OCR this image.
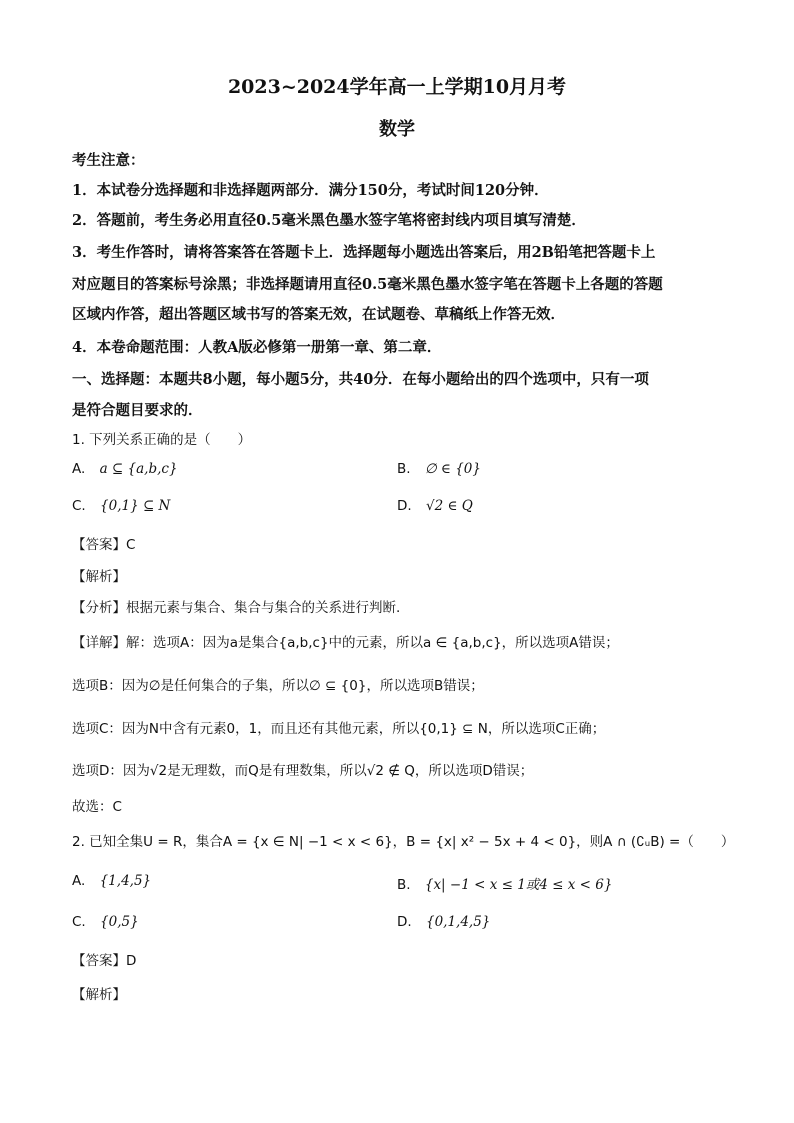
2023~2024学年高一上学期10月月考
数学
考生注意：
1．本试卷分选择题和非选择题两部分．满分150分，考试时间120分钟．
2．答题前，考生务必用直径0.5毫米黑色墨水签字笔将密封线内项目填写清楚．
3．考生作答时，请将答案答在答题卡上．选择题每小题选出答案后，用2B铅笔把答题卡上
对应题目的答案标号涂黑；非选择题请用直径0.5毫米黑色墨水签字笔在答题卡上各题的答题
区域内作答，超出答题区域书写的答案无效，在试题卷、草稿纸上作答无效．
4．本卷命题范围：人教A版必修第一册第一章、第二章．
一、选择题：本题共8小题，每小题5分，共40分．在每小题给出的四个选项中，只有一项
是符合题目要求的．
1. 下列关系正确的是（　　）
A. a ⊆ {a,b,c}	B. ∅ ∈ {0}
C. {0,1} ⊆ N	D. √2 ∈ Q
【答案】C
【解析】
【分析】根据元素与集合、集合与集合的关系进行判断.
【详解】解：选项A：因为a是集合{a,b,c}中的元素，所以a ∈ {a,b,c}，所以选项A错误；
选项B：因为∅是任何集合的子集，所以∅ ⊆ {0}，所以选项B错误；
选项C：因为N中含有元素0，1，而且还有其他元素，所以{0,1} ⊆ N，所以选项C正确；
选项D：因为√2是无理数，而Q是有理数集，所以√2 ∉ Q，所以选项D错误；
故选：C
2. 已知全集U = R，集合A = {x ∈ N| −1 < x < 6}，B = {x| x² − 5x + 4 < 0}，则A ∩ (∁ᵤB) =（　　）
A. {1,4,5}	B. {x| −1 < x ≤ 1或4 ≤ x < 6}
C. {0,5}	D. {0,1,4,5}
【答案】D
【解析】
